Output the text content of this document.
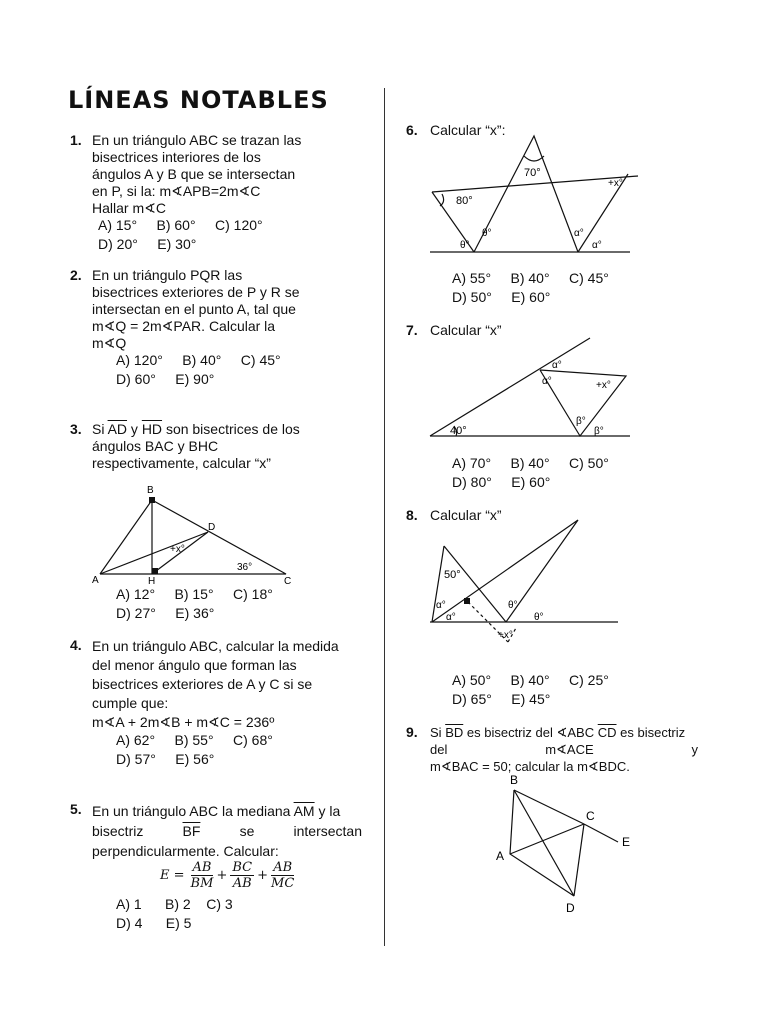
LÍNEAS NOTABLES
1. En un triángulo ABC se trazan las
bisectrices interiores de los
ángulos A y B que se intersectan
en P, si la: m∢APB=2m∢C
Hallar m∢C
A) 15°     B) 60°     C) 120°
D) 20°     E) 30°
2. En un triángulo PQR las
bisectrices exteriores de P y R se
intersectan en el punto A, tal que
m∢Q = 2m∢PAR. Calcular la
m∢Q
A) 120°     B) 40°     C) 45°
D) 60°     E) 90°
3. Si $\overline{AD}$ y $\overline{HD}$ son bisectrices de los
ángulos BAC y BHC
respectivamente, calcular “x”
B
D
A	H	C
+x°
36°
A) 12°     B) 15°     C) 18°
D) 27°     E) 36°
4. En un triángulo ABC, calcular la medida
del menor ángulo que forman las
bisectrices exteriores de A y C si se
cumple que:
m∢A + 2m∢B + m∢C = 236º
A) 62°     B) 55°     C) 68°
D) 57°     E) 56°
5. En un triángulo ABC la mediana $\overline{AM}$ y la
bisectriz	$\overline{BF}$	se	intersectan
perpendicularmente. Calcular:
$E = \frac{AB}{BM} + \frac{BC}{AB} + \frac{AB}{MC}$
A) 1      B) 2    C) 3
D) 4      E) 5
6. Calcular “x”:
70°
80°
+x°
θ°
θ°	α°
α°
A) 55°     B) 40°     C) 45°
D) 50°     E) 60°
7. Calcular “x”
40°
α°
α°	+x°
β°
β°
A) 70°     B) 40°     C) 50°
D) 80°     E) 60°
8. Calcular “x”
50°
α°
α°
θ°
θ°
+x°
A) 50°     B) 40°     C) 25°
D) 65°     E) 45°
9. Si $\overline{BD}$ es bisectriz del ∢ABC $\overline{CD}$ es bisectriz
del	m∢ACE	y
m∢BAC = 50; calcular la m∢BDC.
B
C
E
A
D
